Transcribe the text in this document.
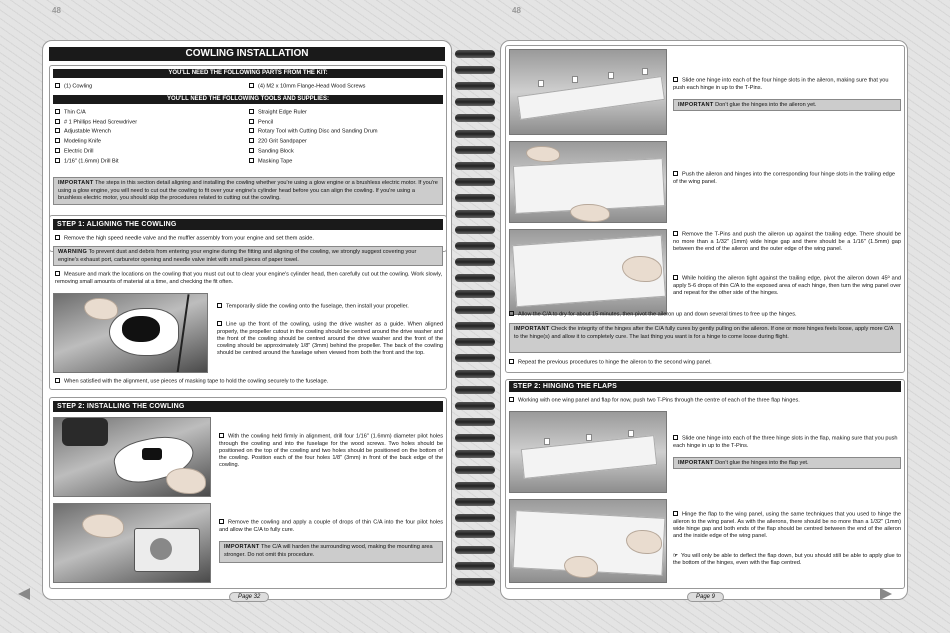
48	48
COWLING INSTALLATION
YOU'LL NEED THE FOLLOWING PARTS FROM THE KIT:
(1) Cowling	(4) M2 x 10mm Flange-Head Wood Screws
YOU'LL NEED THE FOLLOWING TOOLS AND SUPPLIES:
Thin C/A
# 1 Phillips Head Screwdriver
Adjustable Wrench
Modeling Knife
Electric Drill
1/16" (1.6mm) Drill Bit
Straight Edge Ruler
Pencil
Rotary Tool with Cutting Disc and Sanding Drum
220 Grit Sandpaper
Sanding Block
Masking Tape
IMPORTANT The steps in this section detail aligning and installing the cowling whether you're using a glow engine or a brushless electric motor. If you're using a glow engine, you will need to cut out the cowling to fit over your engine's cylinder head before you can align the cowling. If you're using a brushless electric motor, you should skip the procedures related to cutting out the cowling.
STEP 1: ALIGNING THE COWLING
Remove the high speed needle valve and the muffler assembly from your engine and set them aside.
WARNING To prevent dust and debris from entering your engine during the fitting and aligning of the cowling, we strongly suggest covering your engine's exhaust port, carburetor opening and needle valve inlet with small pieces of paper towel.
Measure and mark the locations on the cowling that you must cut out to clear your engine's cylinder head, then carefully cut out the cowling. Work slowly, removing small amounts of material at a time, and checking the fit often.
Temporarily slide the cowling onto the fuselage, then install your propeller.
Line up the front of the cowling, using the drive washer as a guide. When aligned properly, the propeller cutout in the cowling should be centred around the drive washer and the front of the cowling should be centred around the drive washer and the front of the cowling should be approximately 1/8" (3mm) behind the propeller. The back of the cowling should be centred around the fuselage when viewed from both the front and the top.
When satisfied with the alignment, use pieces of masking tape to hold the cowling securely to the fuselage.
STEP 2: INSTALLING THE COWLING
With the cowling held firmly in alignment, drill four 1/16" (1.6mm) diameter pilot holes through the cowling and into the fuselage for the wood screws. Two holes should be positioned on the top of the cowling and two holes should be positioned on the bottom of the cowling. Position each of the four holes 1/8" (3mm) in front of the back edge of the cowling.
Remove the cowling and apply a couple of drops of thin C/A into the four pilot holes and allow the C/A to fully cure.
IMPORTANT The C/A will harden the surrounding wood, making the mounting area stronger. Do not omit this procedure.
Page 32
Slide one hinge into each of the four hinge slots in the aileron, making sure that you push each hinge in up to the T-Pins.
IMPORTANT Don't glue the hinges into the aileron yet.
Push the aileron and hinges into the corresponding four hinge slots in the trailing edge of the wing panel.
Remove the T-Pins and push the aileron up against the trailing edge. There should be no more than a 1/32" (1mm) wide hinge gap and there should be a 1/16" (1.5mm) gap between the end of the aileron and the outer edge of the wing panel.
While holding the aileron tight against the trailing edge, pivot the aileron down 45º and apply 5-6 drops of thin C/A to the exposed area of each hinge, then turn the wing panel over and repeat for the other side of the hinges.
Allow the C/A to dry for about 15 minutes, then pivot the aileron up and down several times to free up the hinges.
IMPORTANT Check the integrity of the hinges after the C/A fully cures by gently pulling on the aileron. If one or more hinges feels loose, apply more C/A to the hinge(s) and allow it to completely cure. The last thing you want is for a hinge to come loose during flight.
Repeat the previous procedures to hinge the aileron to the second wing panel.
STEP 2: HINGING THE FLAPS
Working with one wing panel and flap for now, push two T-Pins through the centre of each of the three flap hinges.
Slide one hinge into each of the three hinge slots in the flap, making sure that you push each hinge in up to the T-Pins.
IMPORTANT Don't glue the hinges into the flap yet.
Hinge the flap to the wing panel, using the same techniques that you used to hinge the aileron to the wing panel. As with the ailerons, there should be no more than a 1/32" (1mm) wide hinge gap and both ends of the flap should be centred between the end of the aileron and the inside edge of the wing panel.
☞ You will only be able to deflect the flap down, but you should still be able to apply glue to the bottom of the hinges, even with the flap centred.
Page 9
